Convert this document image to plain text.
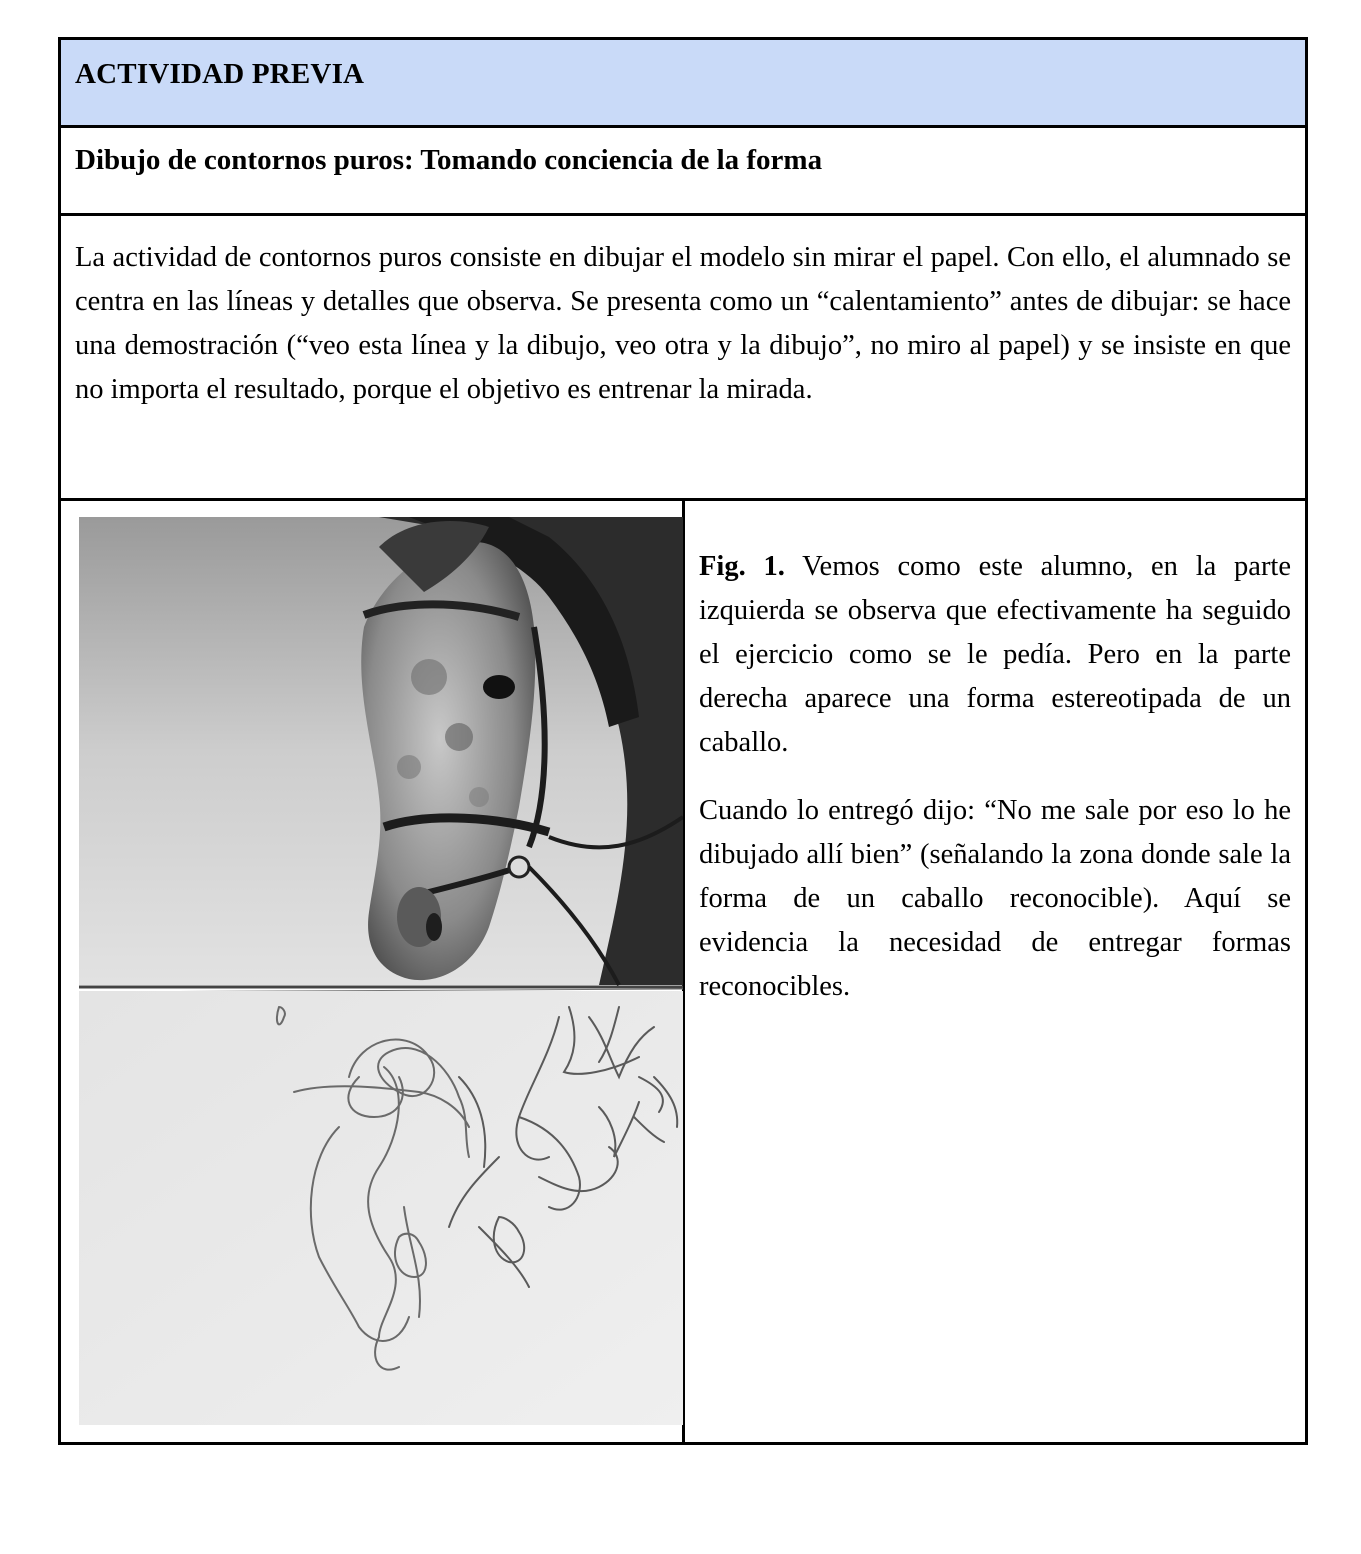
ACTIVIDAD PREVIA
Dibujo de contornos puros: Tomando conciencia de la forma

La actividad de contornos puros consiste en dibujar el modelo sin mirar el papel. Con ello, el alumnado se centra en las líneas y detalles que observa. Se presenta como un “calentamiento” antes de dibujar: se hace una demostración (“veo esta línea y la dibujo, veo otra y la dibujo”, no miro al papel) y se insiste en que no importa el resultado, porque el objetivo es entrenar la mirada.

Fig. 1. Vemos como este alumno, en la parte izquierda se observa que efectivamente ha seguido el ejercicio como se le pedía. Pero en la parte derecha aparece una forma estereotipada de un caballo.

Cuando lo entregó dijo: “No me sale por eso lo he dibujado allí bien” (señalando la zona donde sale la forma de un caballo reconocible). Aquí se evidencia la necesidad de entregar formas reconocibles.
